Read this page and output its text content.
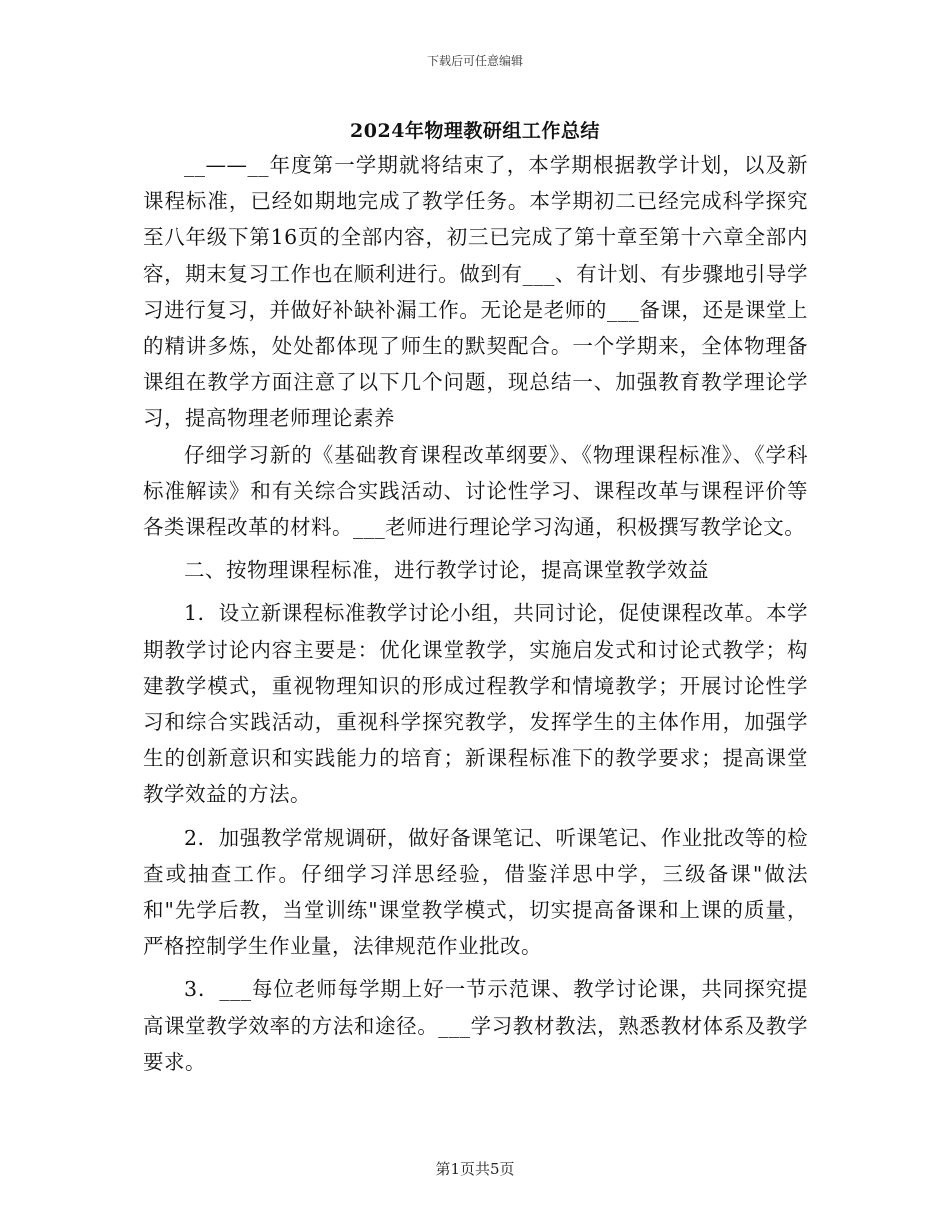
下载后可任意编辑
2024年物理教研组工作总结

__——__年度第一学期就将结束了，本学期根据教学计划，以及新课程标准，已经如期地完成了教学任务。本学期初二已经完成科学探究至八年级下第16页的全部内容，初三已完成了第十章至第十六章全部内容，期末复习工作也在顺利进行。做到有___、有计划、有步骤地引导学习进行复习，并做好补缺补漏工作。无论是老师的___备课，还是课堂上的精讲多炼，处处都体现了师生的默契配合。一个学期来，全体物理备课组在教学方面注意了以下几个问题，现总结一、加强教育教学理论学习，提高物理老师理论素养

仔细学习新的《基础教育课程改革纲要》、《物理课程标准》、《学科标准解读》和有关综合实践活动、讨论性学习、课程改革与课程评价等各类课程改革的材料。___老师进行理论学习沟通，积极撰写教学论文。

二、按物理课程标准，进行教学讨论，提高课堂教学效益

1．设立新课程标准教学讨论小组，共同讨论，促使课程改革。本学期教学讨论内容主要是：优化课堂教学，实施启发式和讨论式教学；构建教学模式，重视物理知识的形成过程教学和情境教学；开展讨论性学习和综合实践活动，重视科学探究教学，发挥学生的主体作用，加强学生的创新意识和实践能力的培育；新课程标准下的教学要求；提高课堂教学效益的方法。

2．加强教学常规调研，做好备课笔记、听课笔记、作业批改等的检查或抽查工作。仔细学习洋思经验，借鉴洋思中学，三级备课"做法和"先学后教，当堂训练"课堂教学模式，切实提高备课和上课的质量，严格控制学生作业量，法律规范作业批改。

3．___每位老师每学期上好一节示范课、教学讨论课，共同探究提高课堂教学效率的方法和途径。___学习教材教法，熟悉教材体系及教学要求。

第1页共5页
